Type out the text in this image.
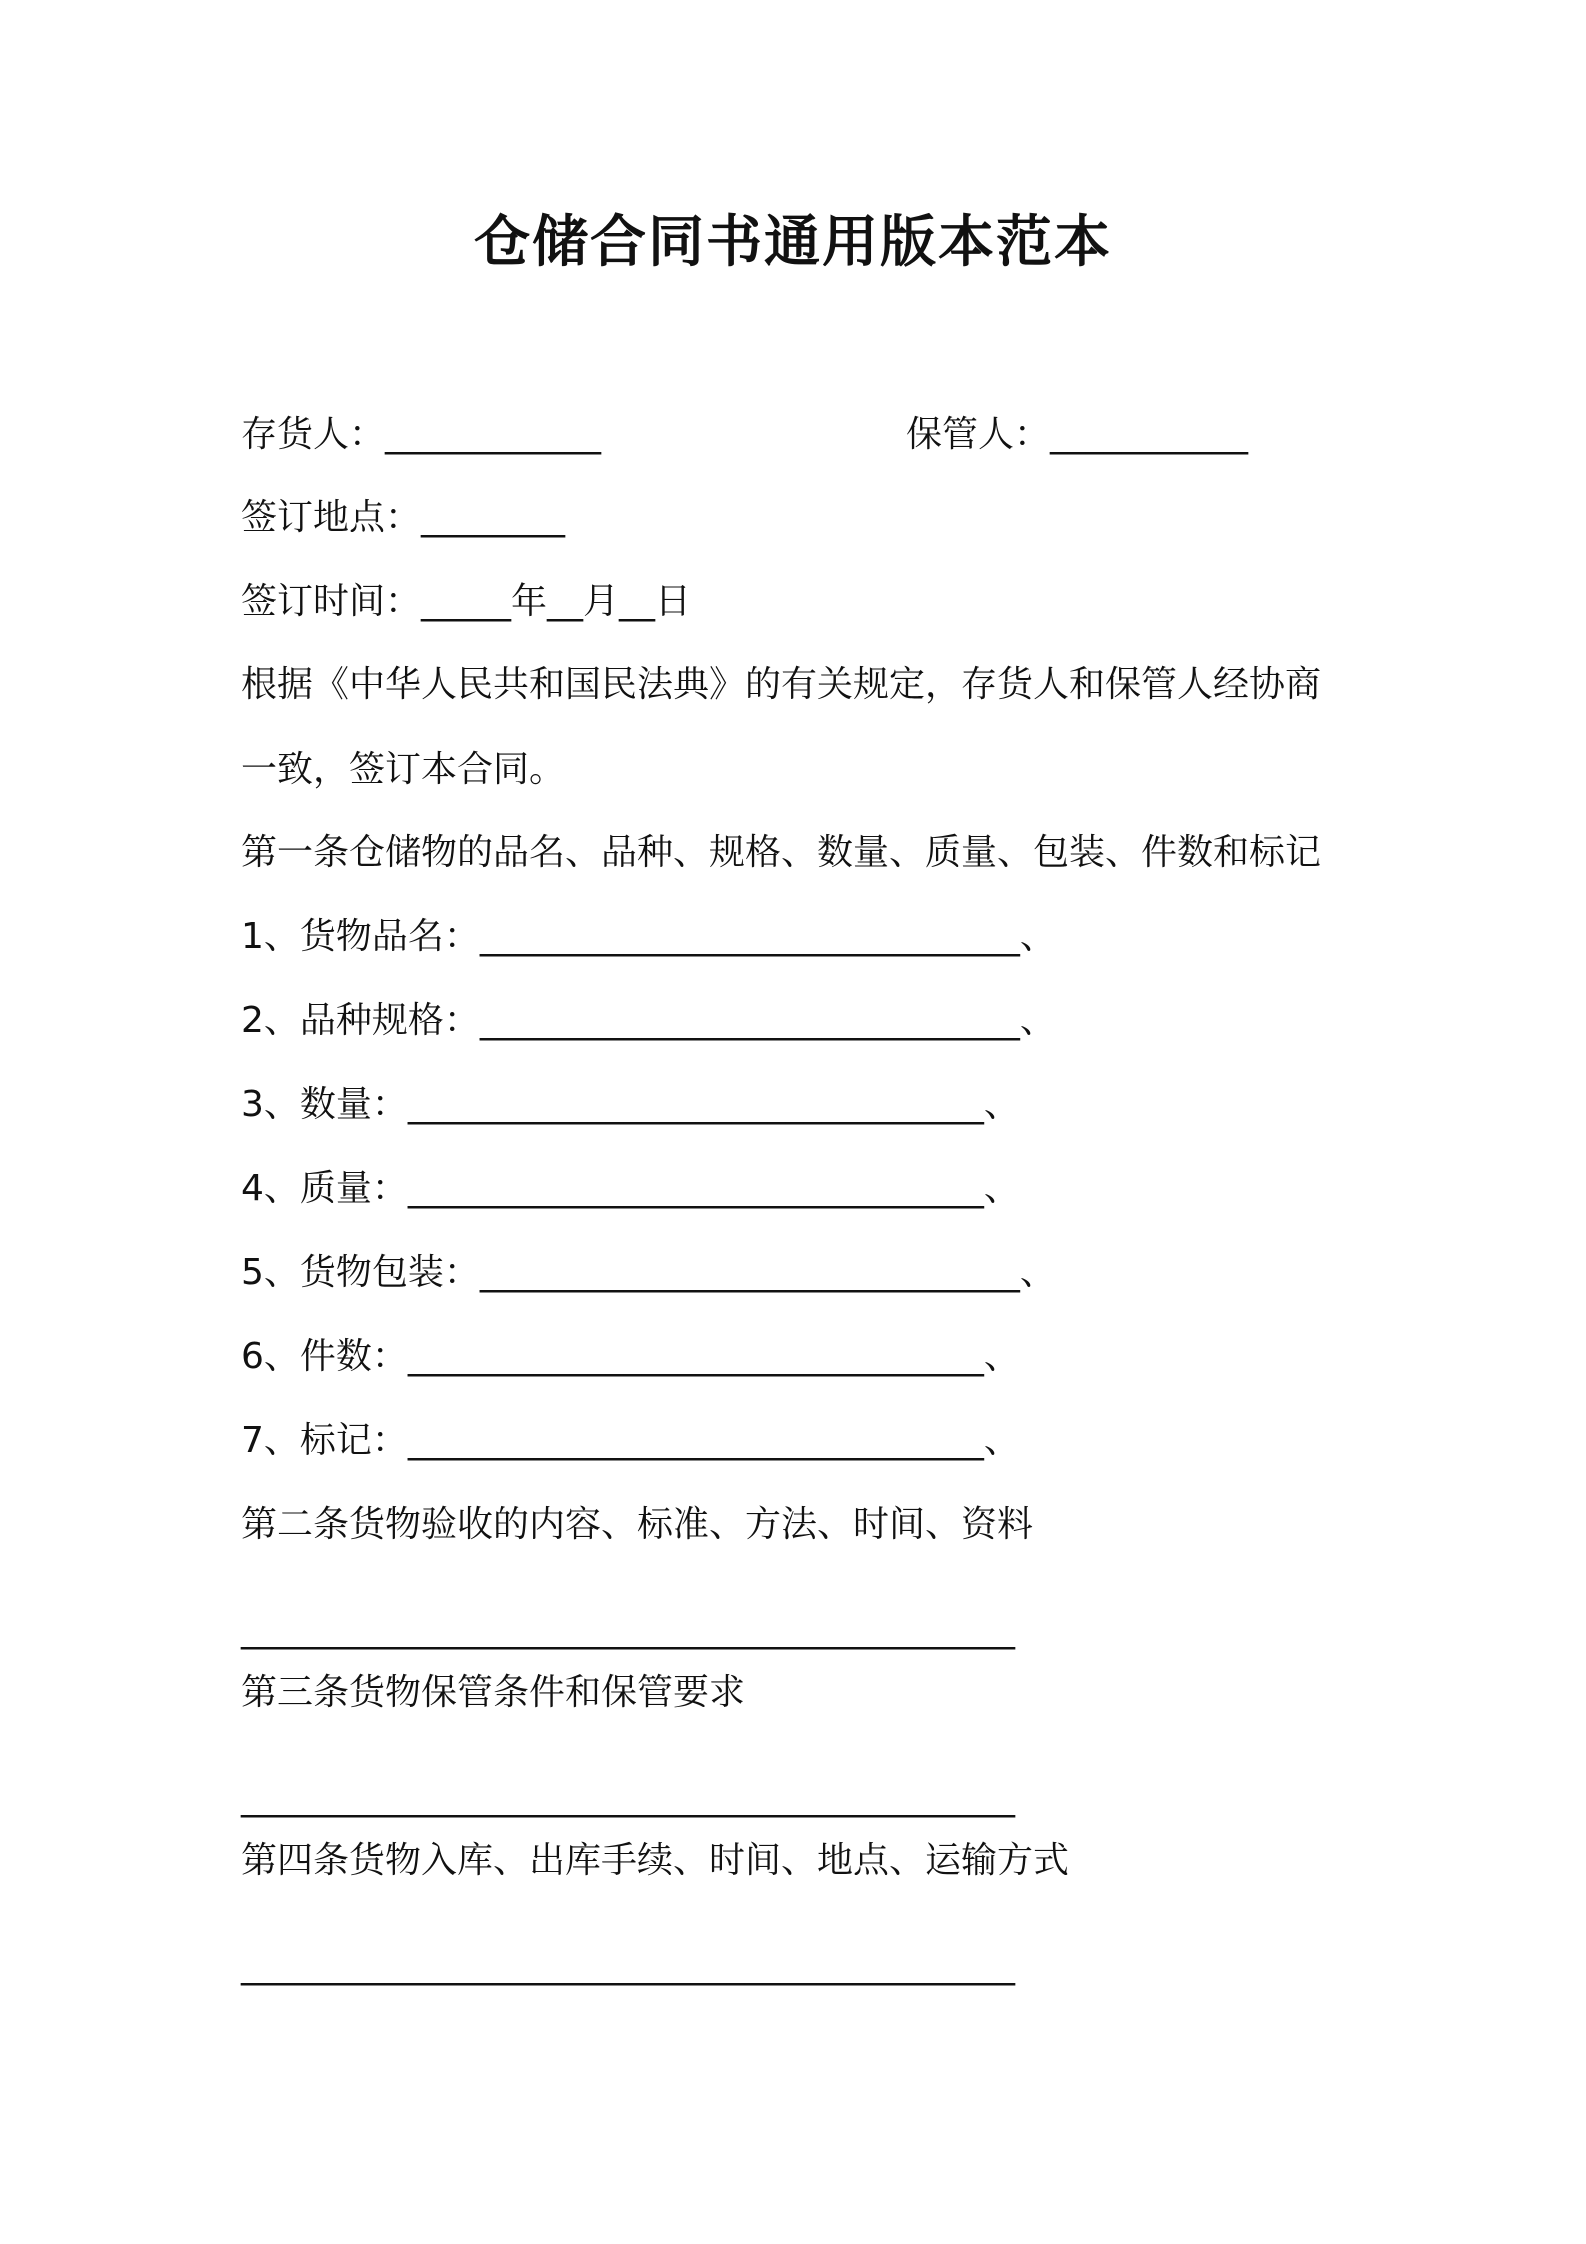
仓储合同书通用版本范本
存货人：____________	保管人：___________
签订地点：________
签订时间：_____年__月__日
根据《中华人民共和国民法典》的有关规定，存货人和保管人经协商
一致，签订本合同。
第一条仓储物的品名、品种、规格、数量、质量、包装、件数和标记
1、货物品名：______________________________、
2、品种规格：______________________________、
3、数量：________________________________、
4、质量：________________________________、
5、货物包装：______________________________、
6、件数：________________________________、
7、标记：________________________________、
第二条货物验收的内容、标准、方法、时间、资料
___________________________________________
第三条货物保管条件和保管要求
___________________________________________
第四条货物入库、出库手续、时间、地点、运输方式
___________________________________________
